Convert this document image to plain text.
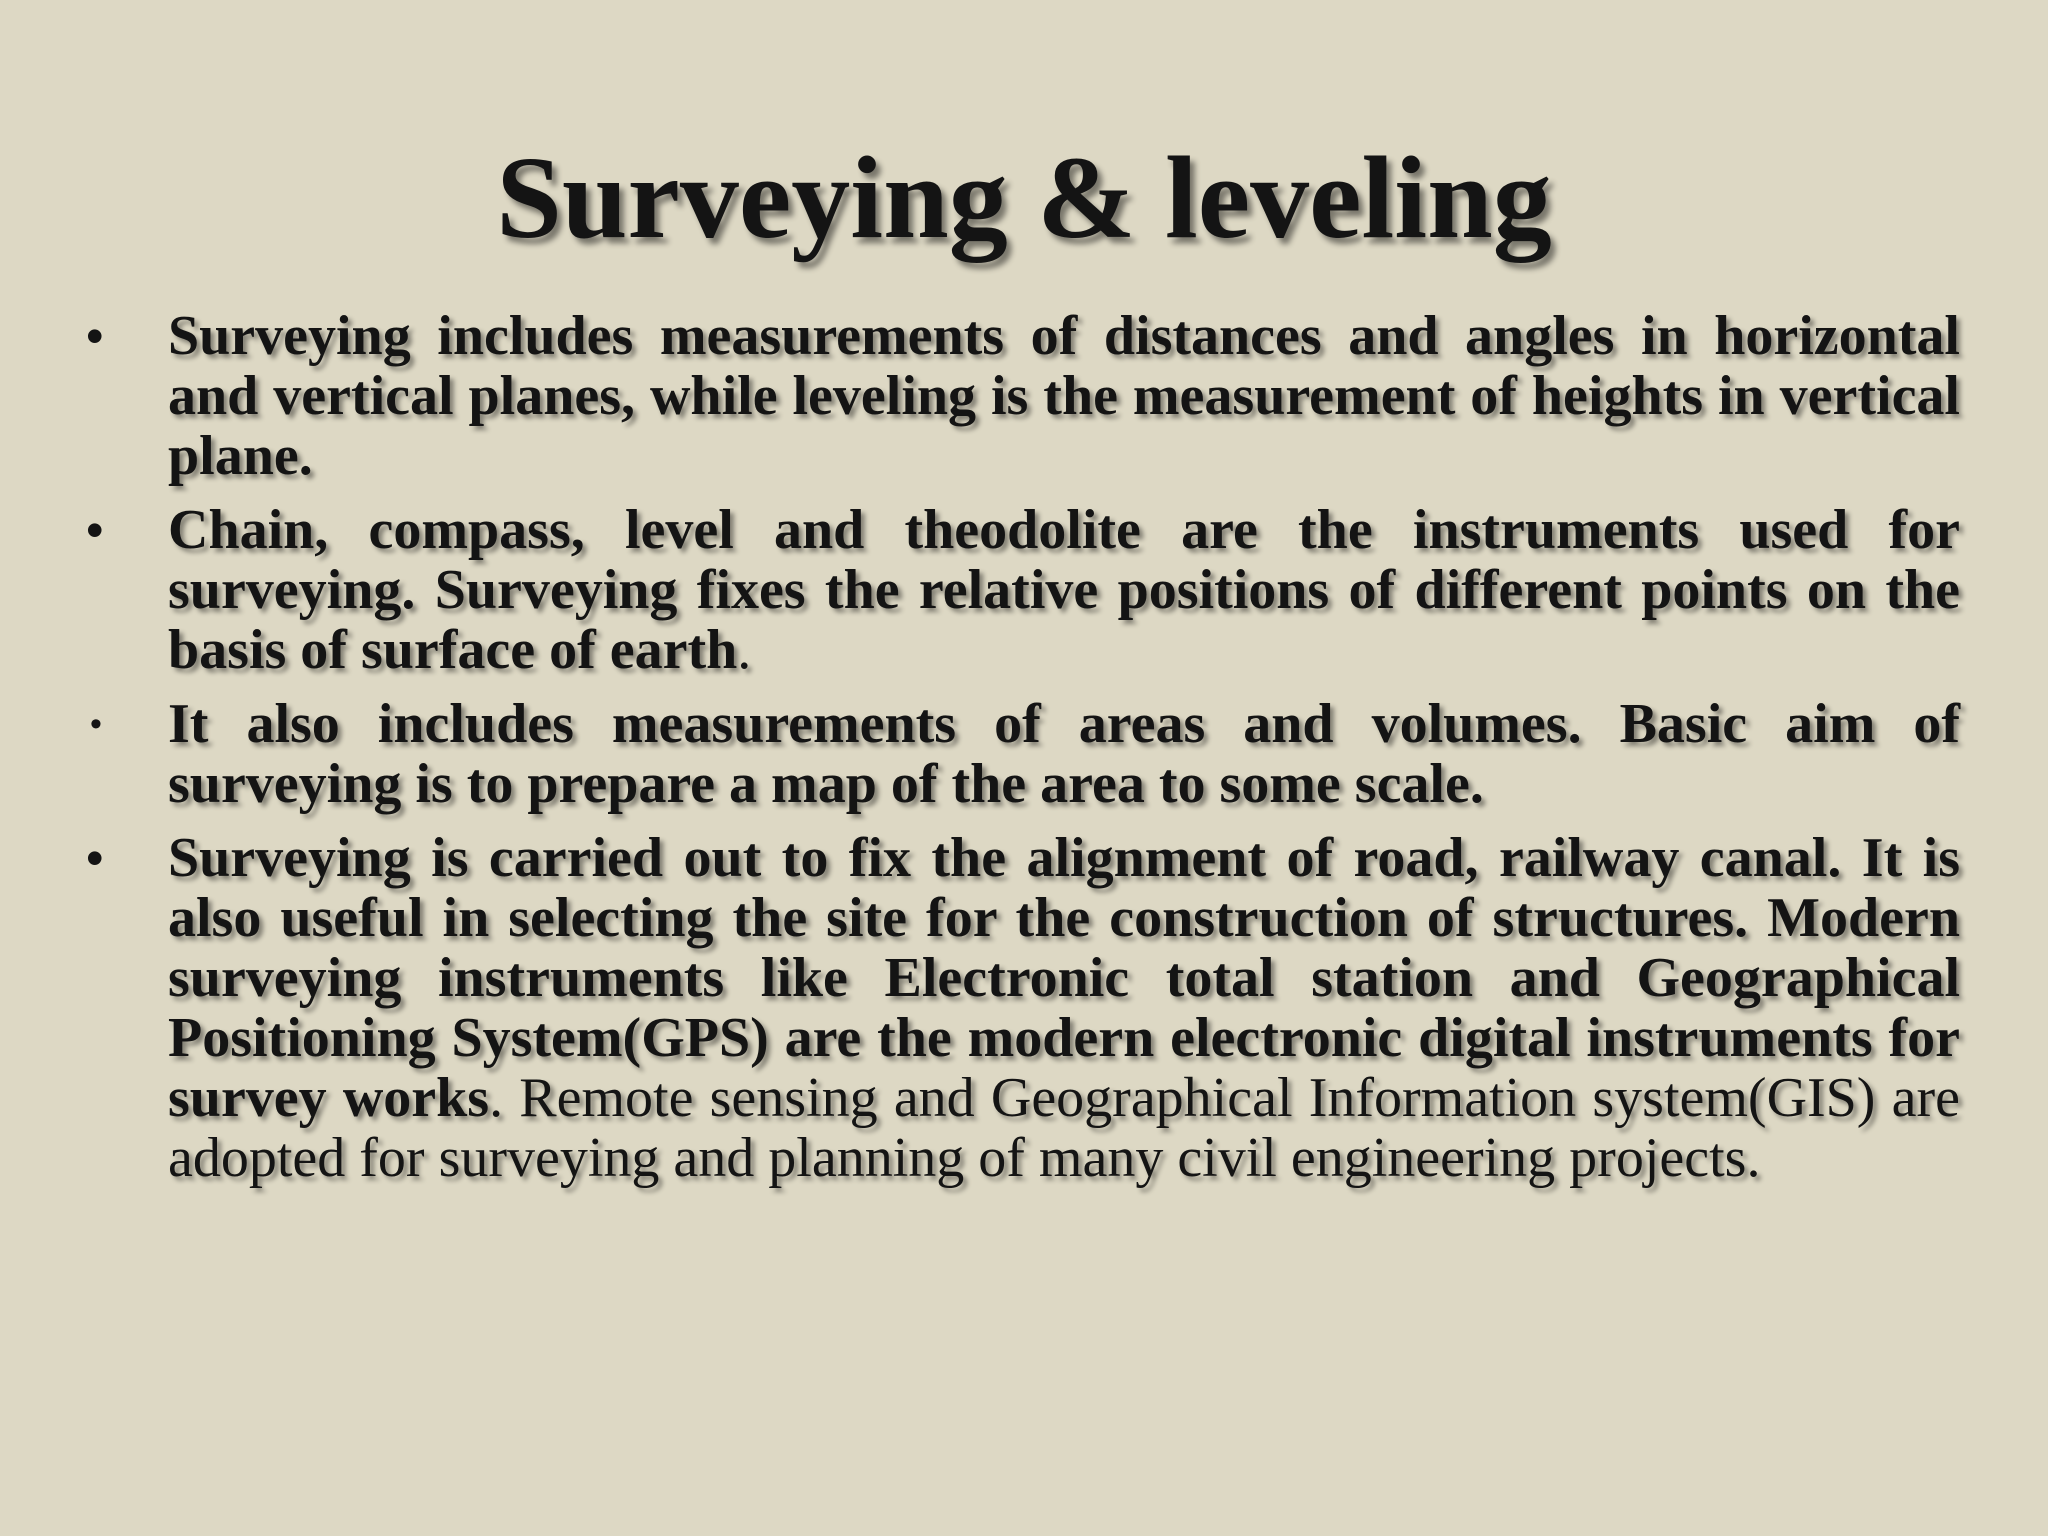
Surveying & leveling
• Surveying includes measurements of distances and angles in horizontal and vertical planes, while leveling is the measurement of heights in vertical plane.
• Chain, compass, level and theodolite are the instruments used for surveying. Surveying fixes the relative positions of different points on the basis of surface of earth.
• It also includes measurements of areas and volumes. Basic aim of surveying is to prepare a map of the area to some scale.
• Surveying is carried out to fix the alignment of road, railway canal. It is also useful in selecting the site for the construction of structures. Modern surveying instruments like Electronic total station and Geographical Positioning System(GPS) are the modern electronic digital instruments for survey works. Remote sensing and Geographical Information system(GIS) are adopted for surveying and planning of many civil engineering projects.
